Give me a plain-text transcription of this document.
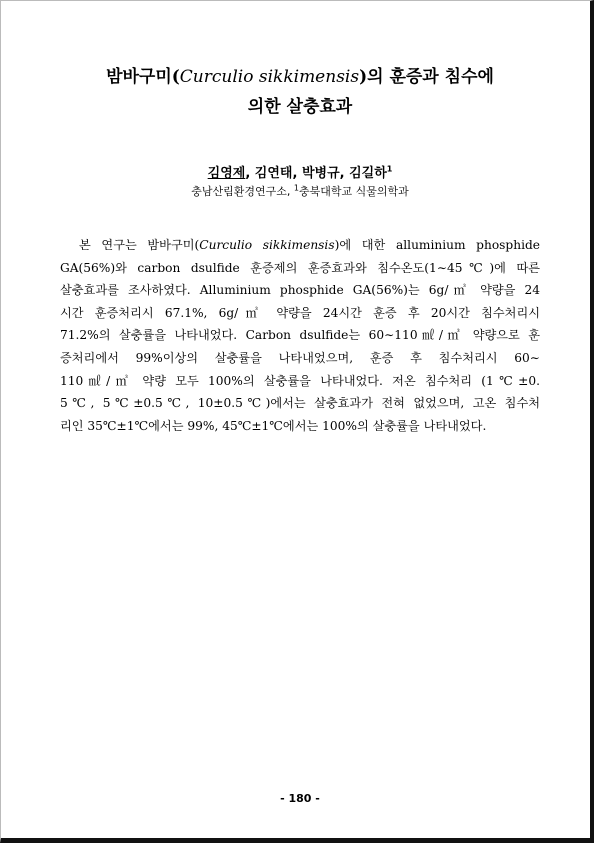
밤바구미(Curculio sikkimensis)의 훈증과 침수에
의한 살충효과
김영제, 김연태, 박병규, 김길하$^1$
충남산림환경연구소, $^1$충북대학교 식물의학과
　본 연구는 밤바구미(Curculio sikkimensis)에 대한 alluminium phosphide
GA(56%)와 carbon dsulfide 훈증제의 훈증효과와 침수온도(1∼45℃)에 따른
살충효과를 조사하였다. Alluminium phosphide GA(56%)는 6g/㎥ 약량을 24
시간 훈증처리시 67.1%, 6g/㎥ 약량을 24시간 훈증 후 20시간 침수처리시
71.2%의 살충률을 나타내었다. Carbon dsulfide는 60∼110㎖/㎥ 약량으로 훈
증처리에서 99%이상의 살충률을 나타내었으며, 훈증 후 침수처리시 60∼
110㎖/㎥ 약량 모두 100%의 살충률을 나타내었다. 저온 침수처리 (1℃±0.
5℃, 5℃±0.5℃, 10±0.5℃)에서는 살충효과가 전혀 없었으며, 고온 침수처
리인 35℃±1℃에서는 99%, 45℃±1℃에서는 100%의 살충률을 나타내었다.
- 180 -
